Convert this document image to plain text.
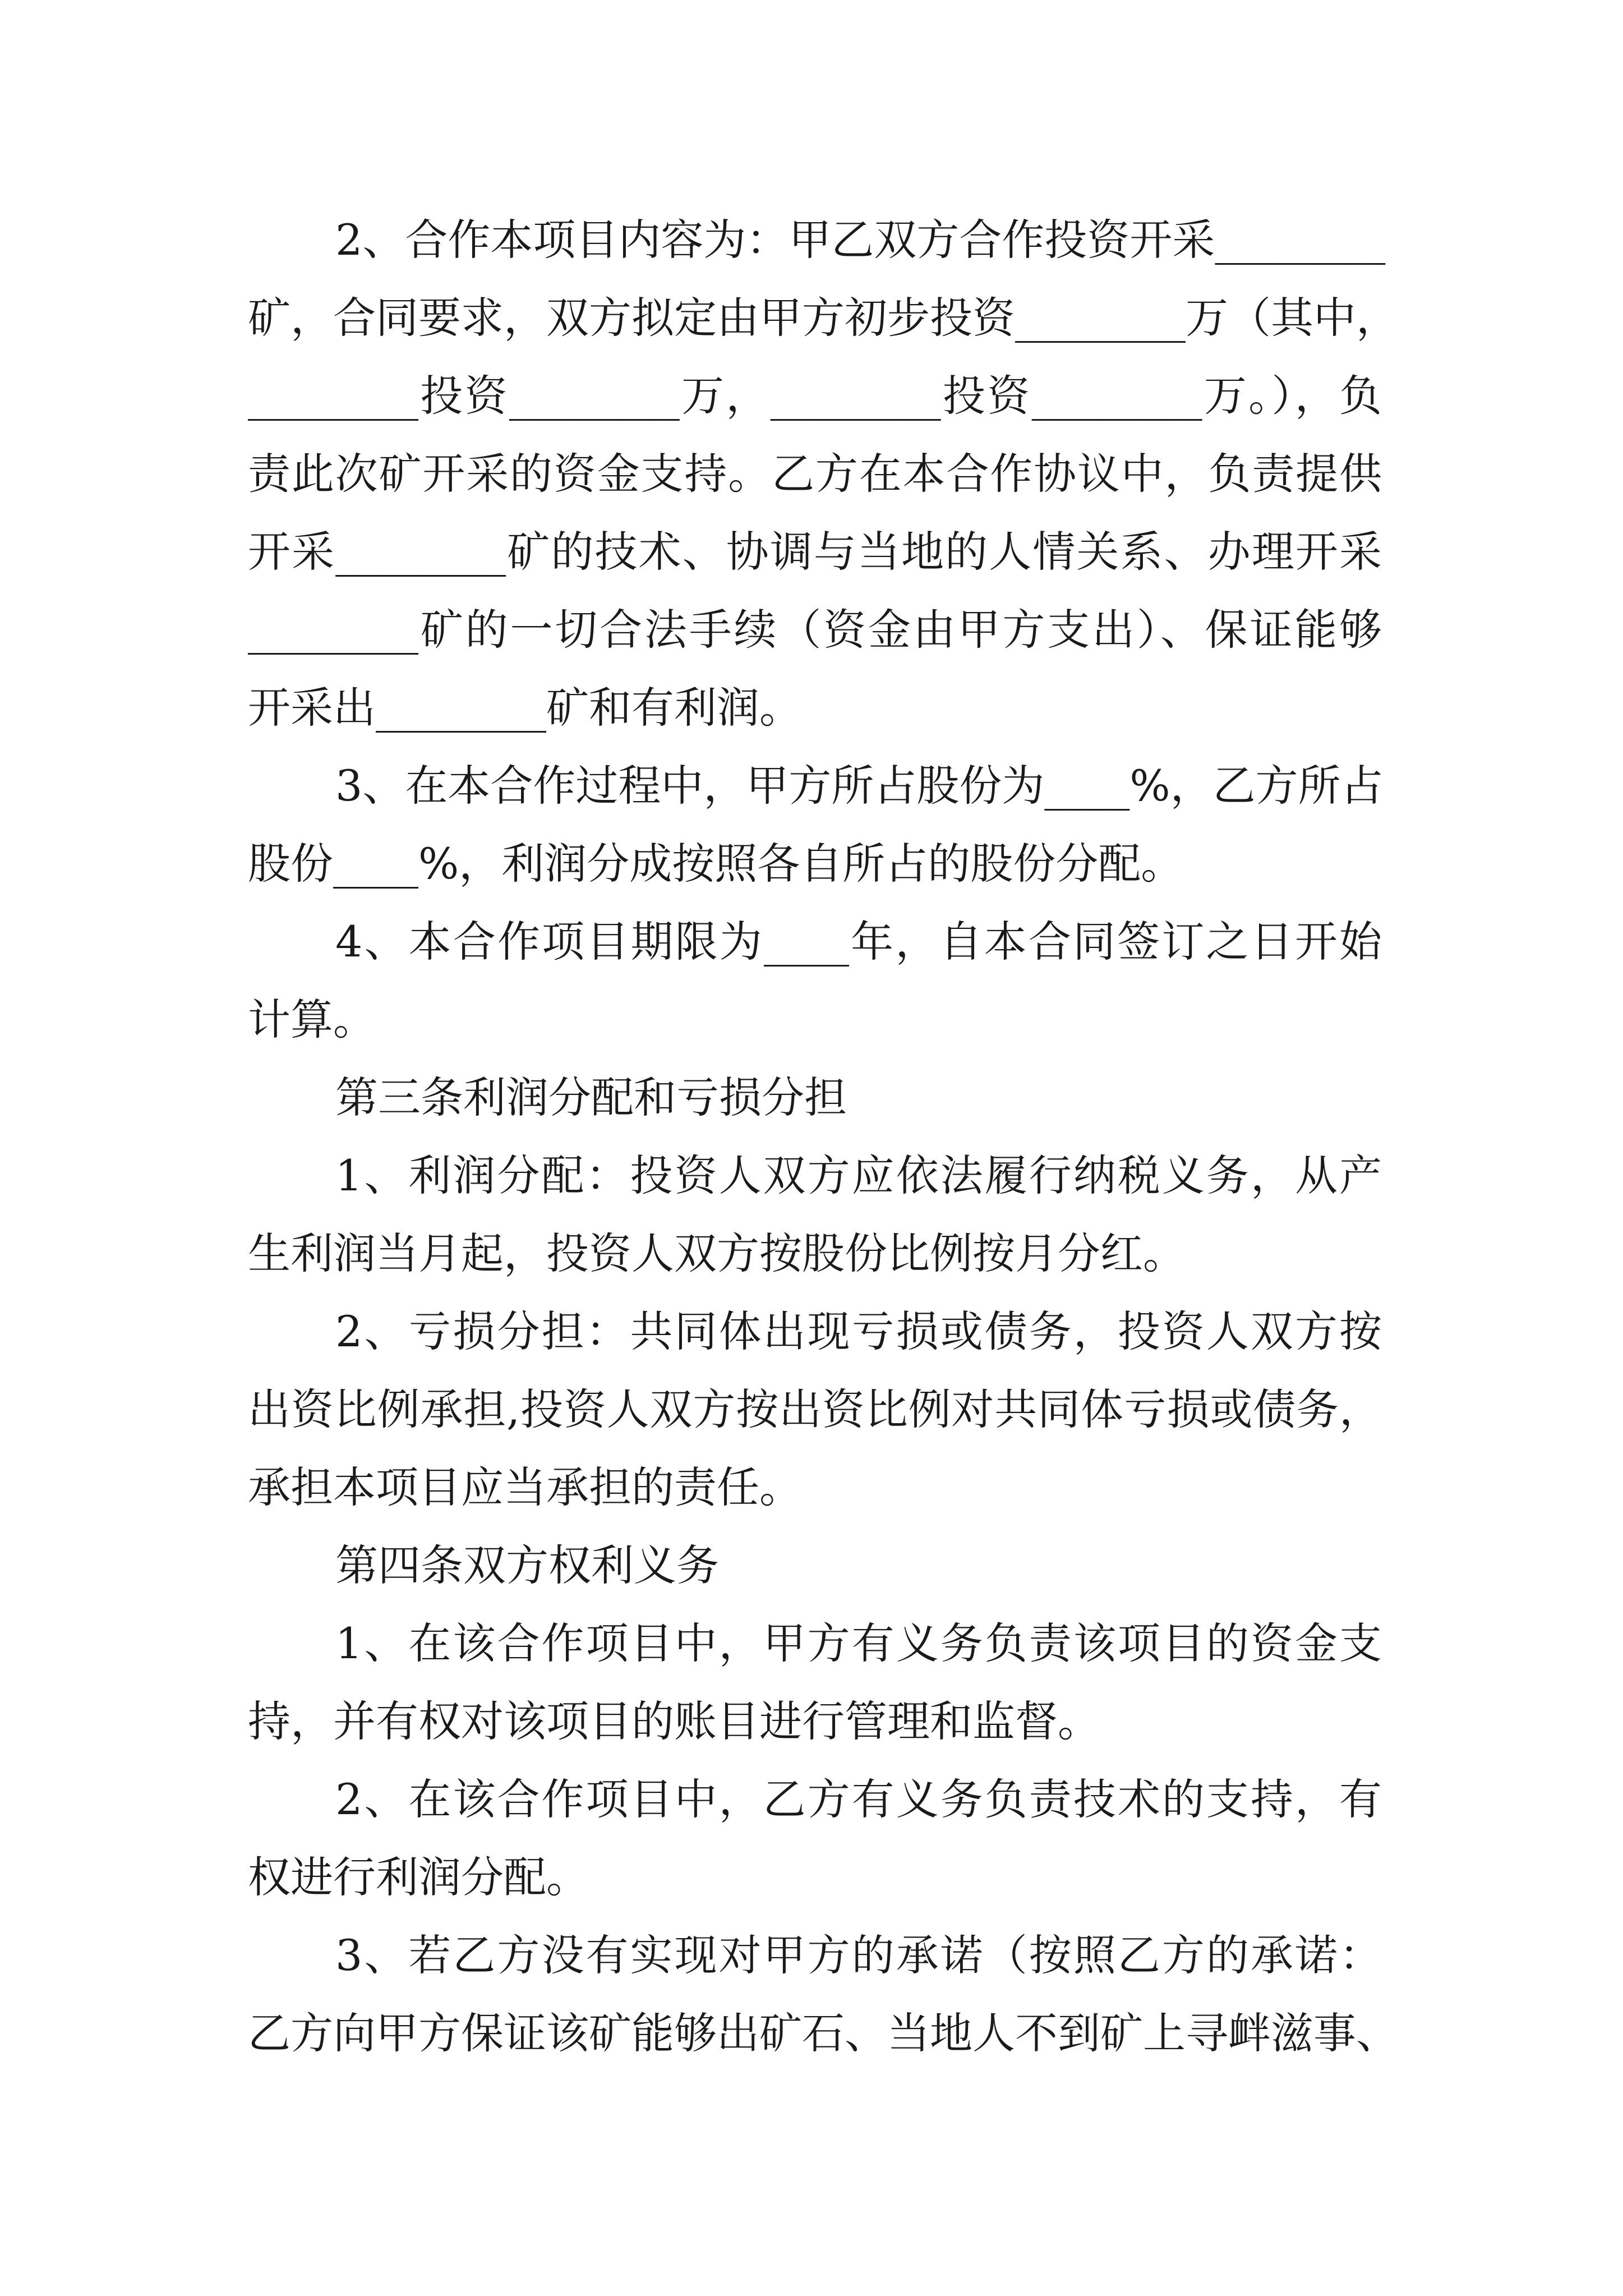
2、合作本项目内容为：甲乙双方合作投资开采________
矿，合同要求，双方拟定由甲方初步投资________万（其中，
________投资________万，________投资________万。），负
责此次矿开采的资金支持。乙方在本合作协议中，负责提供
开采________矿的技术、协调与当地的人情关系、办理开采
________矿的一切合法手续（资金由甲方支出）、保证能够
开采出________矿和有利润。
3、在本合作过程中，甲方所占股份为____%，乙方所占
股份____%，利润分成按照各自所占的股份分配。
4、本合作项目期限为____年，自本合同签订之日开始
计算。
第三条利润分配和亏损分担
1、利润分配：投资人双方应依法履行纳税义务，从产
生利润当月起，投资人双方按股份比例按月分红。
2、亏损分担：共同体出现亏损或债务，投资人双方按
出资比例承担,投资人双方按出资比例对共同体亏损或债务，
承担本项目应当承担的责任。
第四条双方权利义务
1、在该合作项目中，甲方有义务负责该项目的资金支
持，并有权对该项目的账目进行管理和监督。
2、在该合作项目中，乙方有义务负责技术的支持，有
权进行利润分配。
3、若乙方没有实现对甲方的承诺（按照乙方的承诺：
乙方向甲方保证该矿能够出矿石、当地人不到矿上寻衅滋事、
